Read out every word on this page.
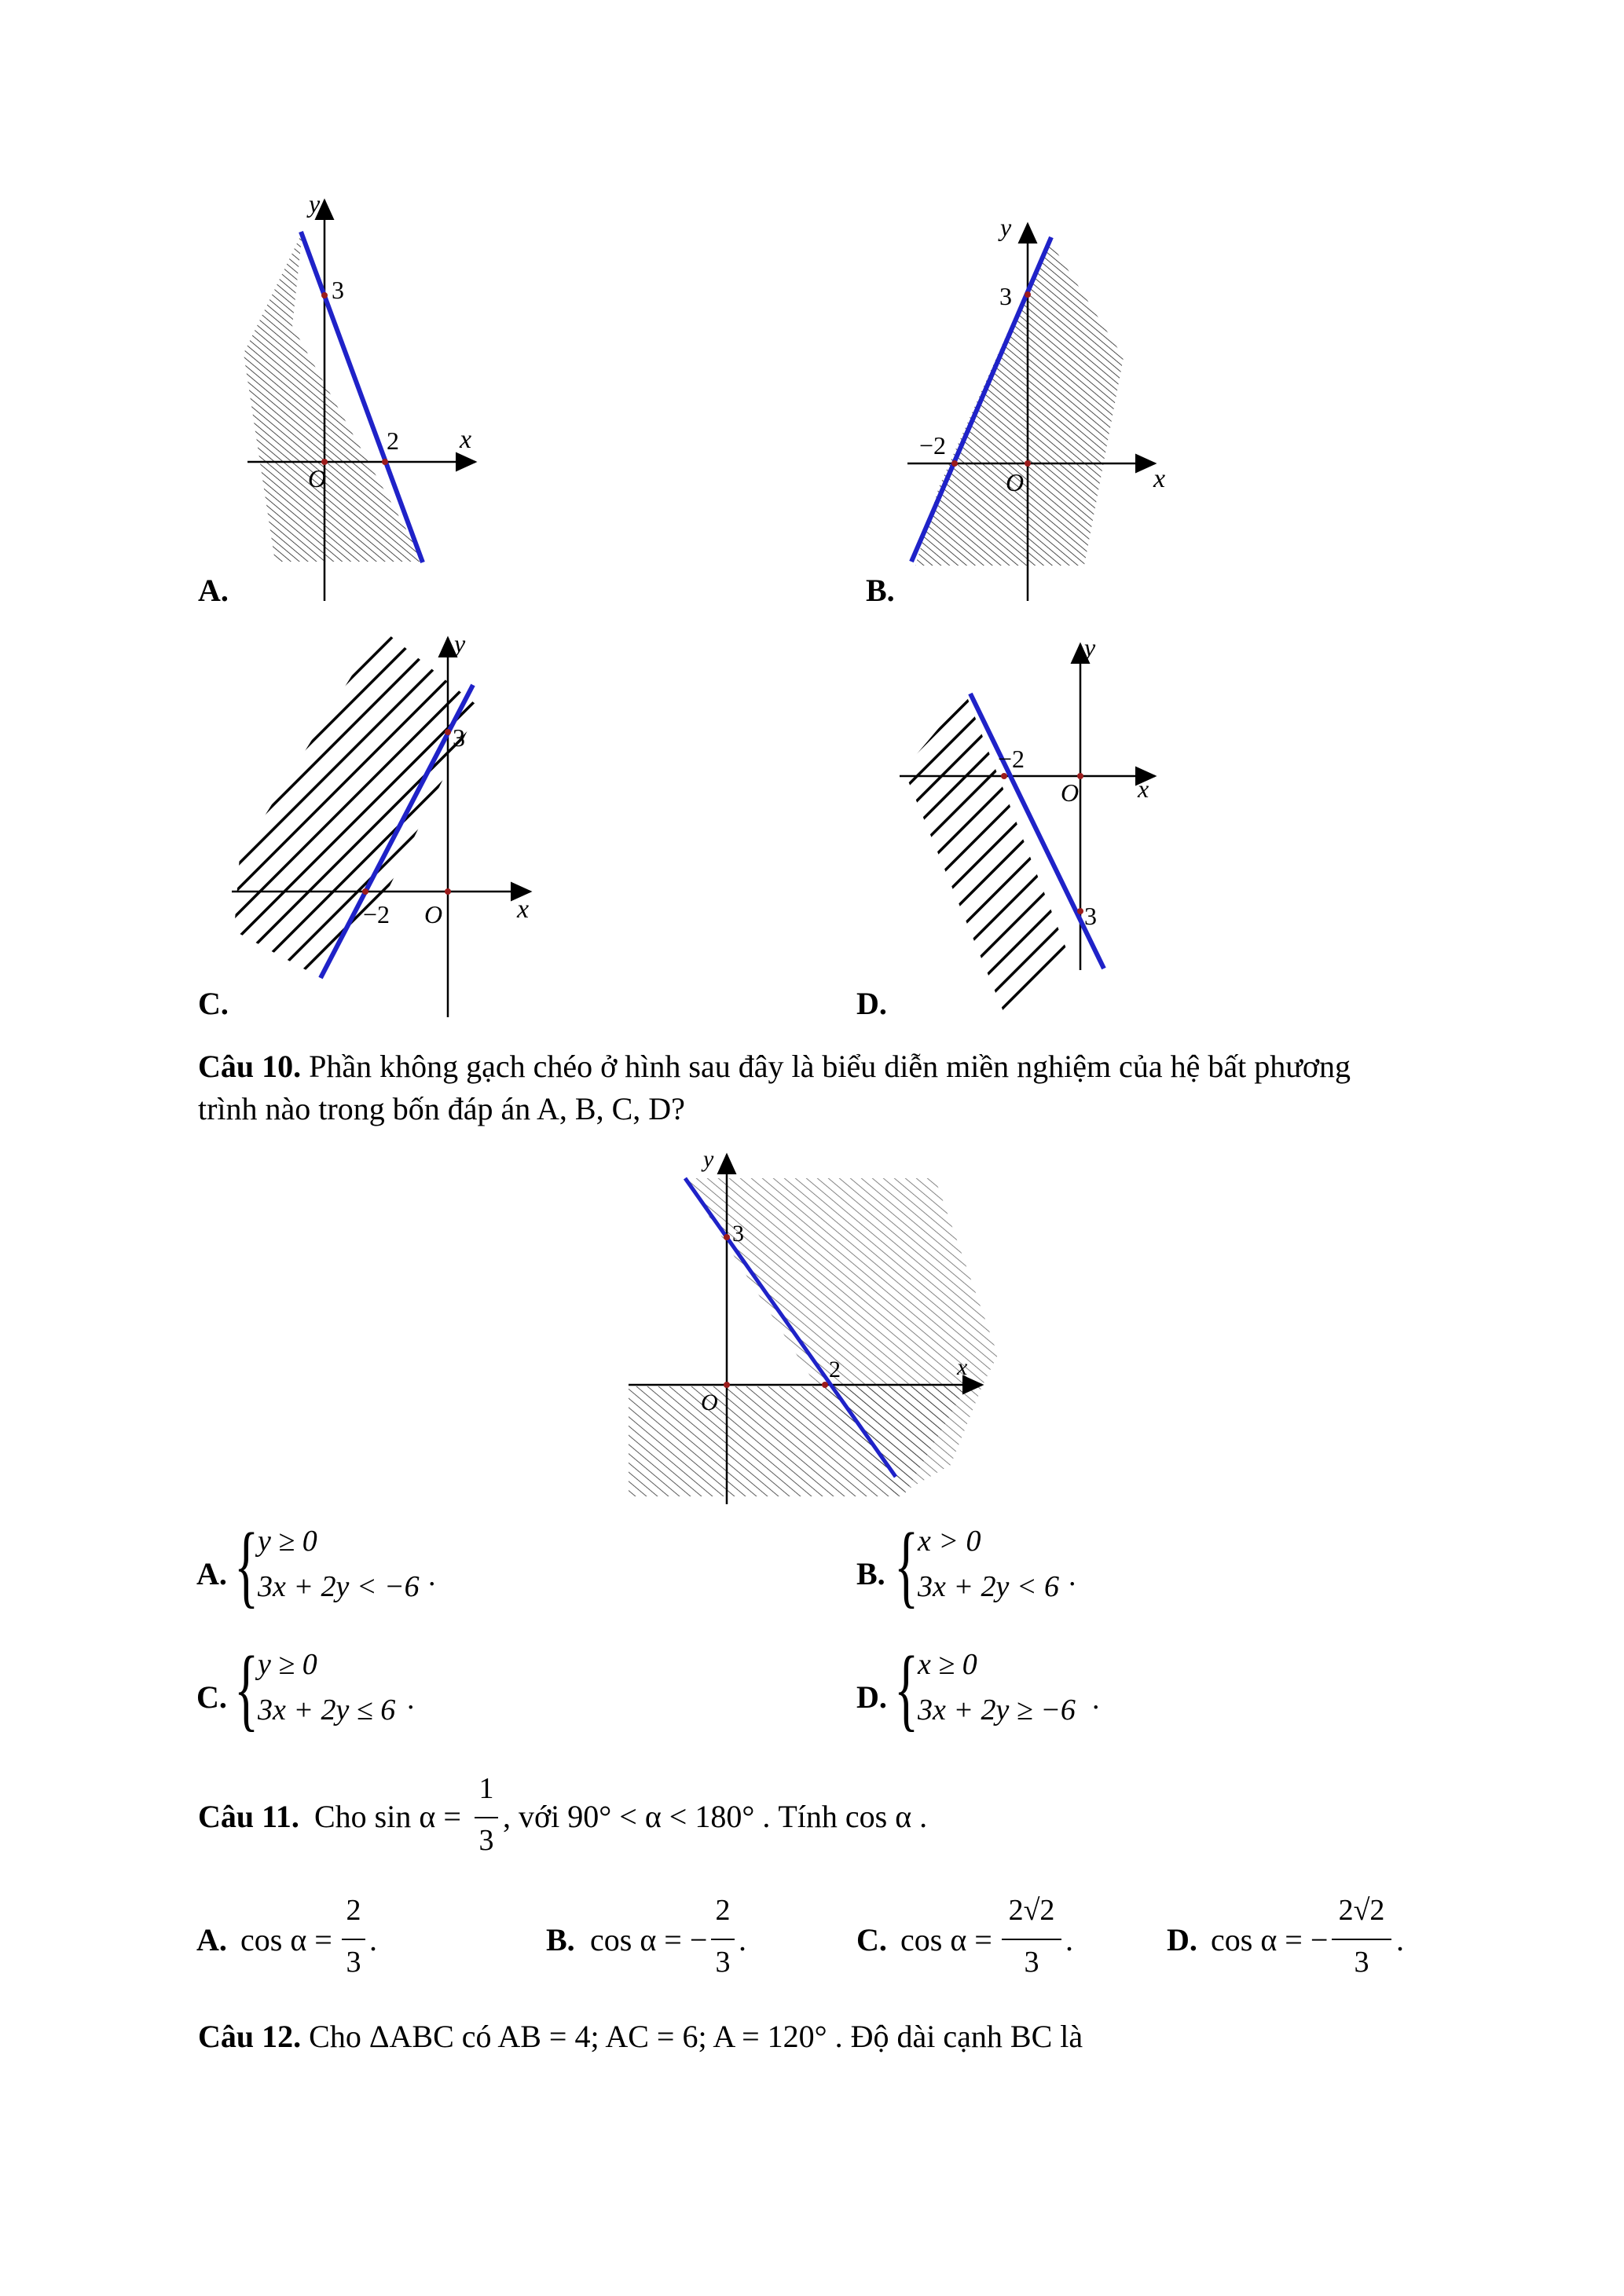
y
x
3
2
O
A.
y
x
3
−2
O
B.
y
x
3
−2 O
C.
y
x
3
−2
O
D.
Câu 10. Phần không gạch chéo ở hình sau đây là biểu diễn miền nghiệm của hệ bất phương
trình nào trong bốn đáp án A, B, C, D?
y
x
3
2
O
A. {
y ≥ 0
3x + 2y < −6 .	B. {
x > 0
3x + 2y < 6 .
C. {
y ≥ 0
3x + 2y ≤ 6 .	D. {
x ≥ 0
3x + 2y ≥ −6 .
Câu 11. Cho sin α =
1
3
, với 90° < α < 180° . Tính cos α .
A. cos α =
2
3
.	B. cos α = −
2
3
.	C. cos α =
2√2
3
.	D. cos α = −
2√2
3
.
Câu 12. Cho ΔABC có AB = 4; AC = 6; A = 120° . Độ dài cạnh BC là
